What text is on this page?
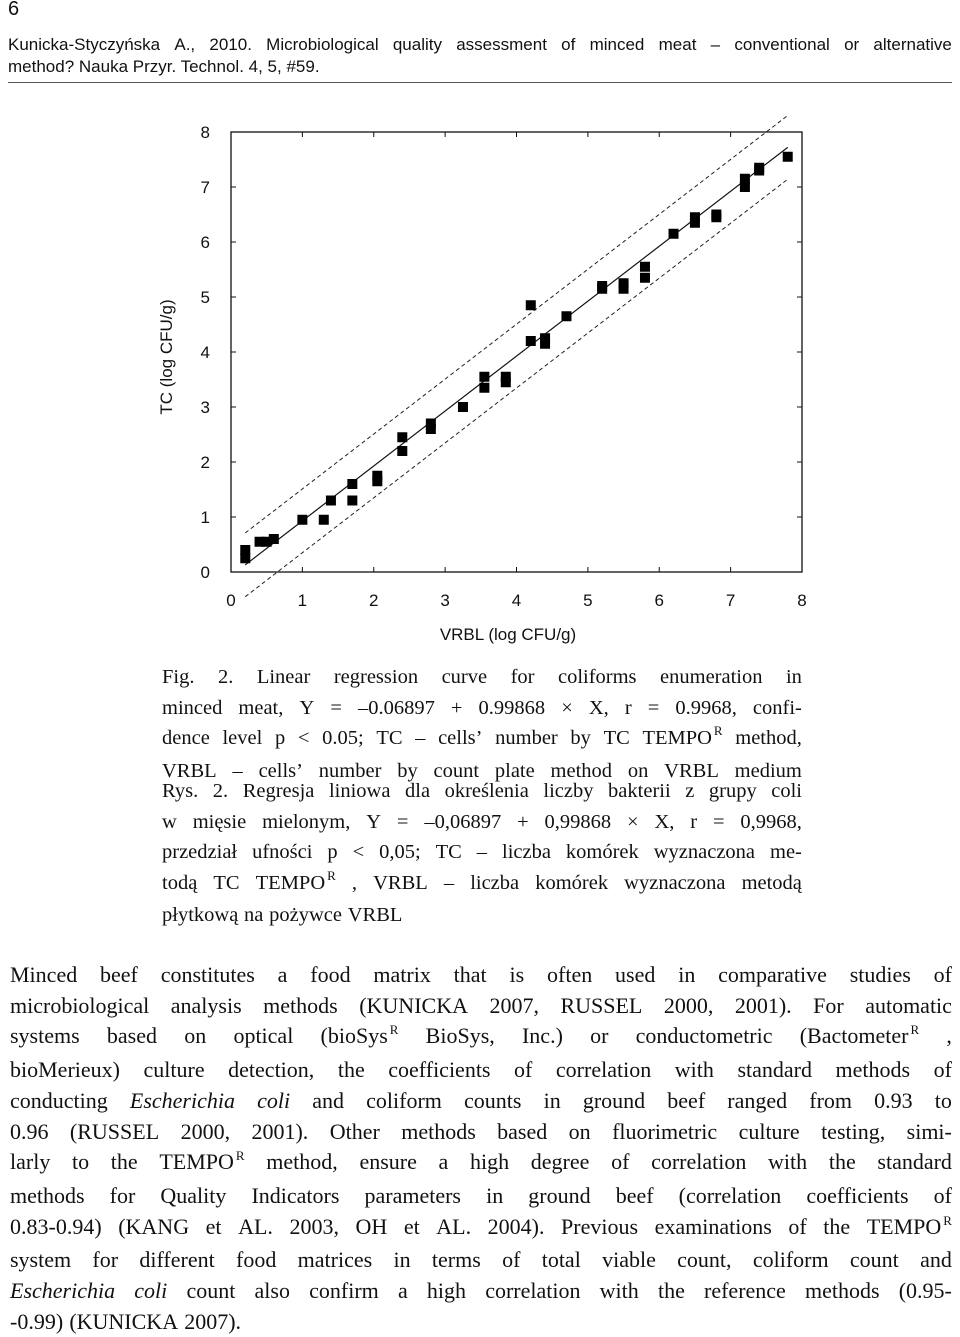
6
Kunicka-Styczyńska A., 2010. Microbiological quality assessment of minced meat – conventional or alternative
method? Nauka Przyr. Technol. 4, 5, #59.
0	1	2	3	4	5	6	7	8
0
1
2
3
4
5
6
7
8
VRBL (log CFU/g)
TC (log CFU/g)
Fig. 2. Linear regression curve for coliforms enumeration in
minced meat, Y = –0.06897 + 0.99868 × X, r = 0.9968, confi-
dence level p < 0.05; TC – cells’ number by TC TEMPO $^R$ method,
VRBL – cells’ number by count plate method on VRBL medium
Rys. 2. Regresja liniowa dla określenia liczby bakterii z grupy coli
w mięsie mielonym, Y = –0,06897 + 0,99868 × X, r = 0,9968,
przedział ufności p < 0,05; TC – liczba komórek wyznaczona me-
todą TC TEMPO $^R$ , VRBL – liczba komórek wyznaczona metodą
płytkową na pożywce VRBL
Minced beef constitutes a food matrix that is often used in comparative studies of
microbiological analysis methods (KUNICKA 2007, RUSSEL 2000, 2001). For automatic
systems based on optical (bioSys $^R$ BioSys, Inc.) or conductometric (Bactometer $^R$ ,
bioMerieux) culture detection, the coefficients of correlation with standard methods of
conducting Escherichia coli and coliform counts in ground beef ranged from 0.93 to
0.96 (RUSSEL 2000, 2001). Other methods based on fluorimetric culture testing, simi-
larly to the TEMPO $^R$ method, ensure a high degree of correlation with the standard
methods for Quality Indicators parameters in ground beef (correlation coefficients of
0.83-0.94) (KANG et AL. 2003, OH et AL. 2004). Previous examinations of the TEMPO $^R$
system for different food matrices in terms of total viable count, coliform count and
Escherichia coli count also confirm a high correlation with the reference methods (0.95-
-0.99) (KUNICKA 2007).
